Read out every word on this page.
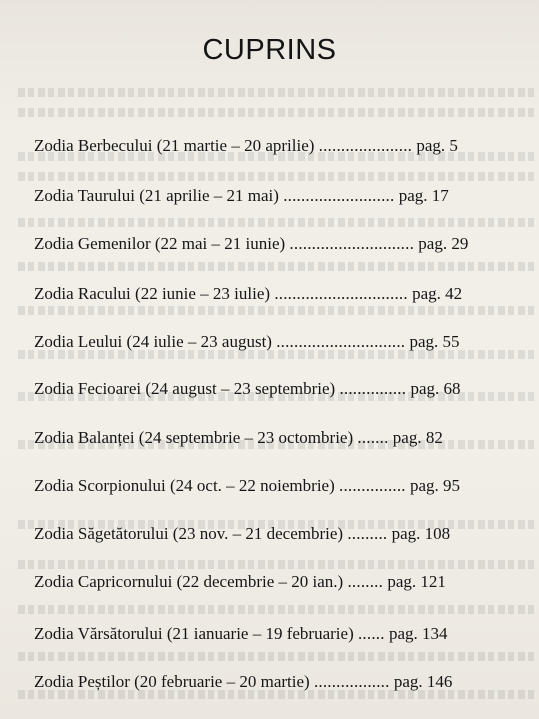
CUPRINS
Zodia Berbecului (21 martie – 20 aprilie) ..................... pag. 5
Zodia Taurului (21 aprilie – 21 mai) ......................... pag. 17
Zodia Gemenilor (22 mai – 21 iunie) ............................ pag. 29
Zodia Racului (22 iunie – 23 iulie) .............................. pag. 42
Zodia Leului (24 iulie – 23 august) ............................. pag. 55
Zodia Fecioarei (24 august – 23 septembrie) ............... pag. 68
Zodia Balanței (24 septembrie – 23 octombrie) ....... pag. 82
Zodia Scorpionului (24 oct. – 22 noiembrie) ............... pag. 95
Zodia Săgetătorului (23 nov. – 21 decembrie) ......... pag. 108
Zodia Capricornului (22 decembrie – 20 ian.) ........ pag. 121
Zodia Vărsătorului (21 ianuarie – 19 februarie) ...... pag. 134
Zodia Peștilor (20 februarie – 20 martie) ................. pag. 146
